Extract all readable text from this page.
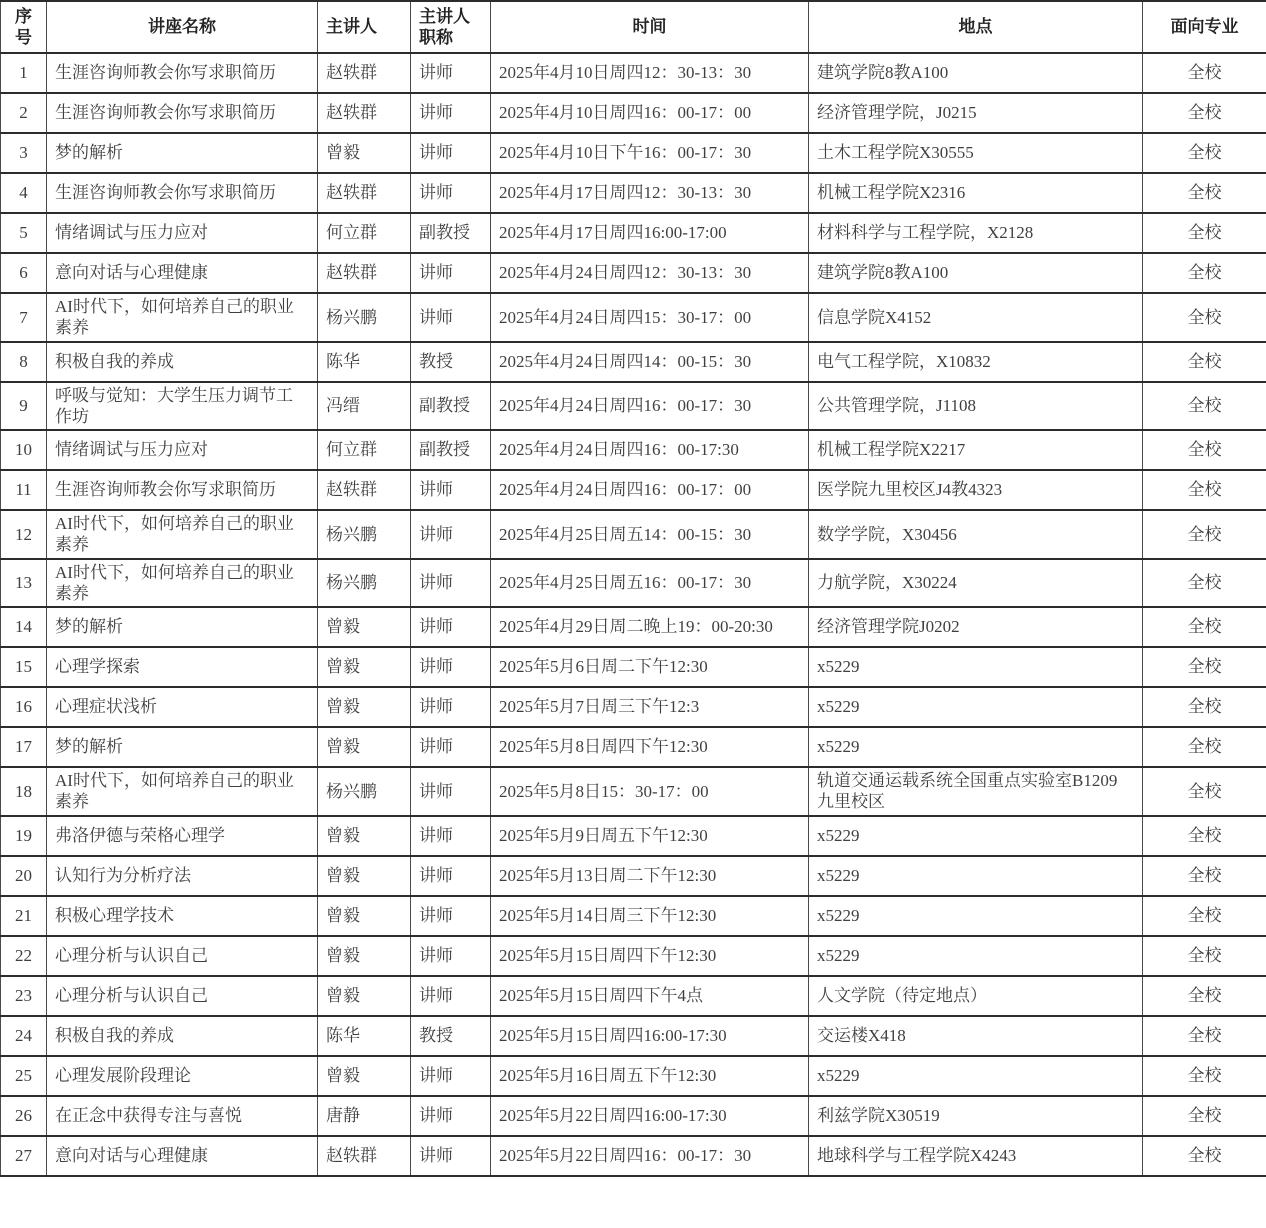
序号	讲座名称	主讲人	主讲人职称	时间	地点	面向专业
1	生涯咨询师教会你写求职简历	赵轶群	讲师	2025年4月10日周四12：30-13：30	建筑学院8教A100	全校
2	生涯咨询师教会你写求职简历	赵轶群	讲师	2025年4月10日周四16：00-17：00	经济管理学院，J0215	全校
3	梦的解析	曾毅	讲师	2025年4月10日下午16：00-17：30	土木工程学院X30555	全校
4	生涯咨询师教会你写求职简历	赵轶群	讲师	2025年4月17日周四12：30-13：30	机械工程学院X2316	全校
5	情绪调试与压力应对	何立群	副教授	2025年4月17日周四16:00-17:00	材料科学与工程学院，X2128	全校
6	意向对话与心理健康	赵轶群	讲师	2025年4月24日周四12：30-13：30	建筑学院8教A100	全校
7	AI时代下，如何培养自己的职业素养	杨兴鹏	讲师	2025年4月24日周四15：30-17：00	信息学院X4152	全校
8	积极自我的养成	陈华	教授	2025年4月24日周四14：00-15：30	电气工程学院，X10832	全校
9	呼吸与觉知：大学生压力调节工作坊	冯缙	副教授	2025年4月24日周四16：00-17：30	公共管理学院，J1108	全校
10	情绪调试与压力应对	何立群	副教授	2025年4月24日周四16：00-17:30	机械工程学院X2217	全校
11	生涯咨询师教会你写求职简历	赵轶群	讲师	2025年4月24日周四16：00-17：00	医学院九里校区J4教4323	全校
12	AI时代下，如何培养自己的职业素养	杨兴鹏	讲师	2025年4月25日周五14：00-15：30	数学学院，X30456	全校
13	AI时代下，如何培养自己的职业素养	杨兴鹏	讲师	2025年4月25日周五16：00-17：30	力航学院，X30224	全校
14	梦的解析	曾毅	讲师	2025年4月29日周二晚上19：00-20:30	经济管理学院J0202	全校
15	心理学探索	曾毅	讲师	2025年5月6日周二下午12:30	x5229	全校
16	心理症状浅析	曾毅	讲师	2025年5月7日周三下午12:3	x5229	全校
17	梦的解析	曾毅	讲师	2025年5月8日周四下午12:30	x5229	全校
18	AI时代下，如何培养自己的职业素养	杨兴鹏	讲师	2025年5月8日15：30-17：00	轨道交通运载系统全国重点实验室B1209九里校区	全校
19	弗洛伊德与荣格心理学	曾毅	讲师	2025年5月9日周五下午12:30	x5229	全校
20	认知行为分析疗法	曾毅	讲师	2025年5月13日周二下午12:30	x5229	全校
21	积极心理学技术	曾毅	讲师	2025年5月14日周三下午12:30	x5229	全校
22	心理分析与认识自己	曾毅	讲师	2025年5月15日周四下午12:30	x5229	全校
23	心理分析与认识自己	曾毅	讲师	2025年5月15日周四下午4点	人文学院（待定地点）	全校
24	积极自我的养成	陈华	教授	2025年5月15日周四16:00-17:30	交运楼X418	全校
25	心理发展阶段理论	曾毅	讲师	2025年5月16日周五下午12:30	x5229	全校
26	在正念中获得专注与喜悦	唐静	讲师	2025年5月22日周四16:00-17:30	利兹学院X30519	全校
27	意向对话与心理健康	赵轶群	讲师	2025年5月22日周四16：00-17：30	地球科学与工程学院X4243	全校
